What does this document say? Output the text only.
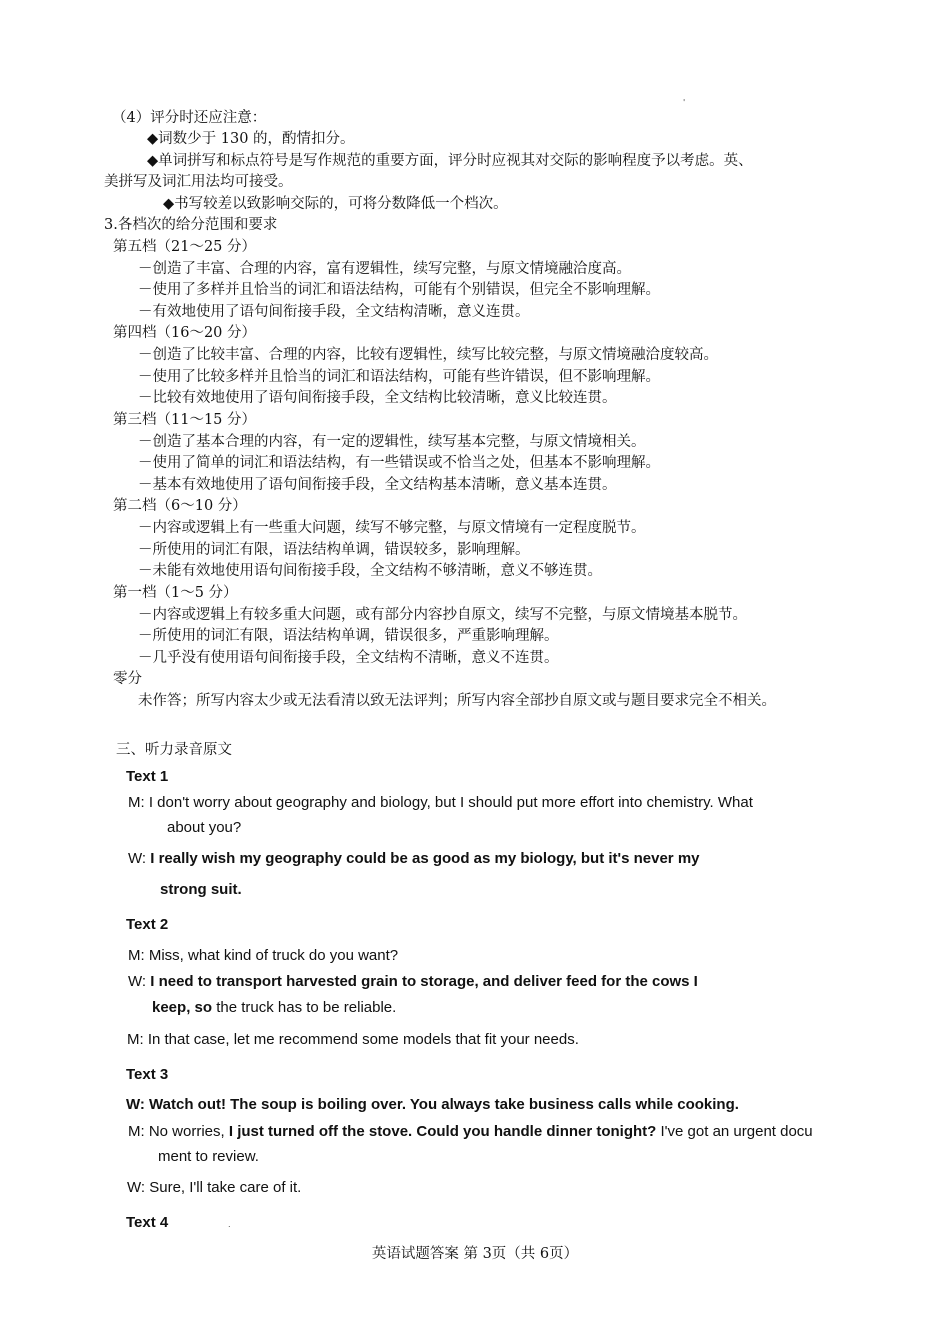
'
（4）评分时还应注意：
◆词数少于 130 的，酌情扣分。
◆单词拼写和标点符号是写作规范的重要方面，评分时应视其对交际的影响程度予以考虑。英、
美拼写及词汇用法均可接受。
◆书写较差以致影响交际的，可将分数降低一个档次。
3.各档次的给分范围和要求
第五档（21～25 分）
－创造了丰富、合理的内容，富有逻辑性，续写完整，与原文情境融洽度高。
－使用了多样并且恰当的词汇和语法结构，可能有个别错误，但完全不影响理解。
－有效地使用了语句间衔接手段，全文结构清晰，意义连贯。
第四档（16～20 分）
－创造了比较丰富、合理的内容，比较有逻辑性，续写比较完整，与原文情境融洽度较高。
－使用了比较多样并且恰当的词汇和语法结构，可能有些许错误，但不影响理解。
－比较有效地使用了语句间衔接手段，全文结构比较清晰，意义比较连贯。
第三档（11～15 分）
－创造了基本合理的内容，有一定的逻辑性，续写基本完整，与原文情境相关。
－使用了简单的词汇和语法结构，有一些错误或不恰当之处，但基本不影响理解。
－基本有效地使用了语句间衔接手段，全文结构基本清晰，意义基本连贯。
第二档（6～10 分）
－内容或逻辑上有一些重大问题，续写不够完整，与原文情境有一定程度脱节。
－所使用的词汇有限，语法结构单调，错误较多，影响理解。
－未能有效地使用语句间衔接手段，全文结构不够清晰，意义不够连贯。
第一档（1～5 分）
－内容或逻辑上有较多重大问题，或有部分内容抄自原文，续写不完整，与原文情境基本脱节。
－所使用的词汇有限，语法结构单调，错误很多，严重影响理解。
－几乎没有使用语句间衔接手段，全文结构不清晰，意义不连贯。
零分
未作答；所写内容太少或无法看清以致无法评判；所写内容全部抄自原文或与题目要求完全不相关。
三、听力录音原文
Text 1
M: I don't worry about geography and biology, but I should put more effort into chemistry. What
about you?
W: I really wish my geography could be as good as my biology, but it's never my
strong suit.
Text 2
M: Miss, what kind of truck do you want?
W: I need to transport harvested grain to storage, and deliver feed for the cows I
keep, so the truck has to be reliable.
M: In that case, let me recommend some models that fit your needs.
Text 3
W: Watch out! The soup is boiling over. You always take business calls while cooking.
M: No worries, I just turned off the stove. Could you handle dinner tonight? I've got an urgent docu
ment to review.
W: Sure, I'll take care of it.
Text 4	.
英语试题答案 第 3页（共 6页）
